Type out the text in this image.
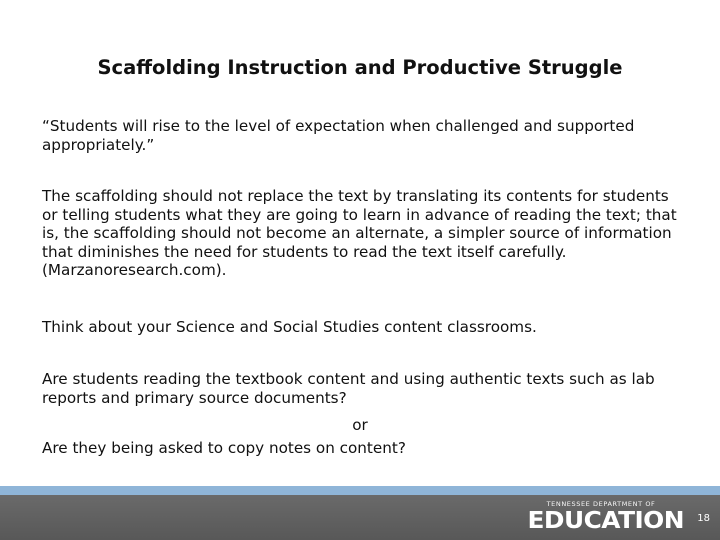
Scaffolding Instruction and Productive Struggle

“Students will rise to the level of expectation when challenged and supported appropriately.”

The scaffolding should not replace the text by translating its contents for students or telling students what they are going to learn in advance of reading the text; that is, the scaffolding should not become an alternate, a simpler source of information that diminishes the need for students to read the text itself carefully. (Marzanoresearch.com).

Think about your Science and Social Studies content classrooms.

Are students reading the textbook content and using authentic texts such as lab reports and primary source documents?

or

Are they being asked to copy notes on content?

TENNESSEE DEPARTMENT OF
EDUCATION 18
